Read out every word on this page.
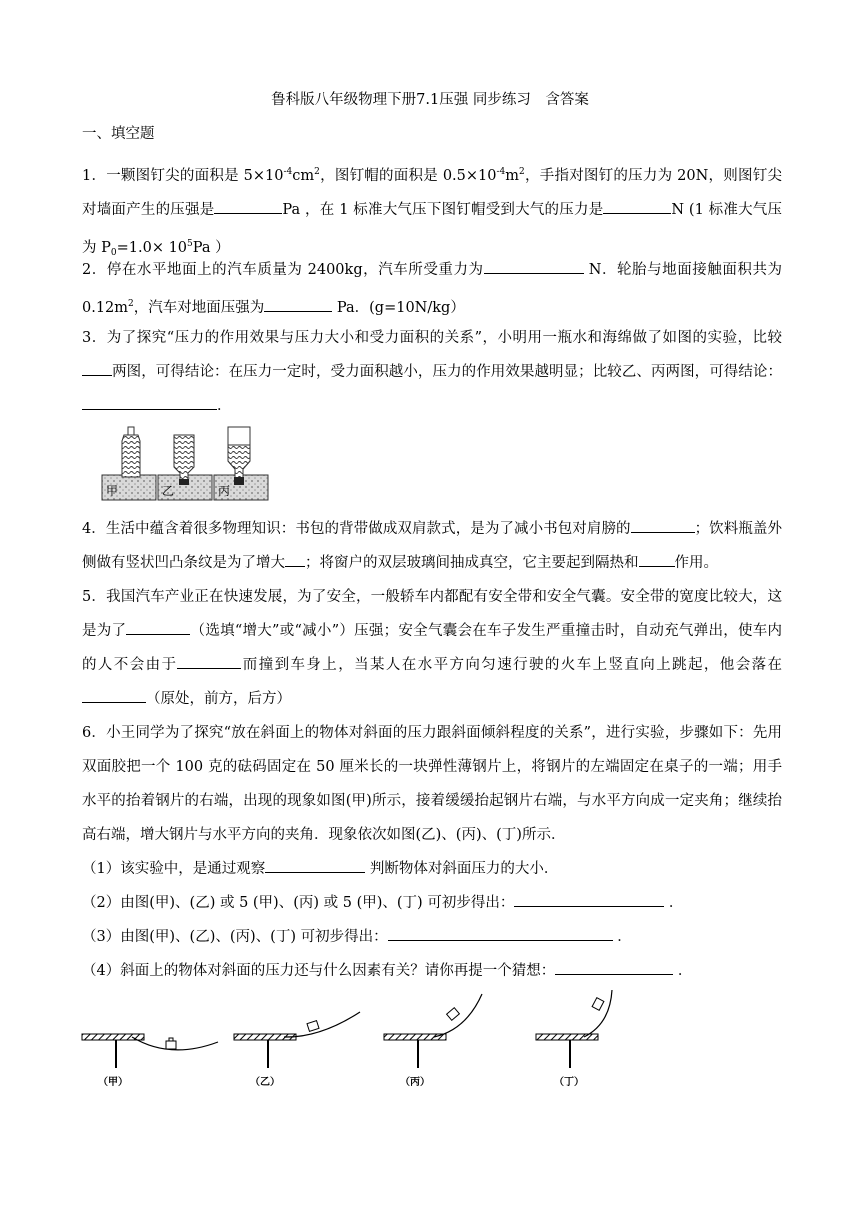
鲁科版八年级物理下册7.1压强 同步练习　含答案
一、填空题
1．一颗图钉尖的面积是 $5\times 10^{-4}cm^2$，图钉帽的面积是 $0.5\times 10^{-4}m^2$，手指对图钉的压力为 20N，则图钉尖对墙面产生的压强是	Pa ，在 1 标准大气压下图钉帽受到大气的压力是	N (1 标准大气压为 $P_0=1.0\times 10^5Pa$ ）
2．停在水平地面上的汽车质量为 2400kg，汽车所受重力为	N．轮胎与地面接触面积共为 $0.12m^2$，汽车对地面压强为	Pa．(g=10N/kg）
3．为了探究“压力的作用效果与压力大小和受力面积的关系”，小明用一瓶水和海绵做了如图的实验，比较两图，可得结论：在压力一定时，受力面积越小，压力的作用效果越明显；比较乙、丙两图，可得结论：．
甲	乙	丙
4．生活中蕴含着很多物理知识：书包的背带做成双肩款式，是为了减小书包对肩膀的	；饮料瓶盖外侧做有竖状凹凸条纹是为了增大 ；将窗户的双层玻璃间抽成真空，它主要起到隔热和 作用。
5．我国汽车产业正在快速发展，为了安全，一般轿车内都配有安全带和安全气囊。安全带的宽度比较大，这是为了	（选填“增大”或“减小”）压强；安全气囊会在车子发生严重撞击时，自动充气弹出，使车内的人不会由于	而撞到车身上，当某人在水平方向匀速行驶的火车上竖直向上跳起，他会落在（原处，前方，后方）
6．小王同学为了探究“放在斜面上的物体对斜面的压力跟斜面倾斜程度的关系”，进行实验，步骤如下：先用双面胶把一个 100 克的砝码固定在 50 厘米长的一块弹性薄钢片上，将钢片的左端固定在桌子的一端；用手水平的抬着钢片的右端，出现的现象如图(甲)所示，接着缓缓抬起钢片右端，与水平方向成一定夹角；继续抬高右端，增大钢片与水平方向的夹角．现象依次如图(乙)、(丙)、(丁)所示．
（1）该实验中，是通过观察	判断物体对斜面压力的大小．
（2）由图(甲)、(乙) 或 5 (甲)、(丙) 或 5 (甲)、(丁) 可初步得出：	．
（3）由图(甲)、(乙)、(丙)、(丁) 可初步得出：	．
（4）斜面上的物体对斜面的压力还与什么因素有关？请你再提一个猜想：	．
（甲）	（乙）	（丙）	（丁）
